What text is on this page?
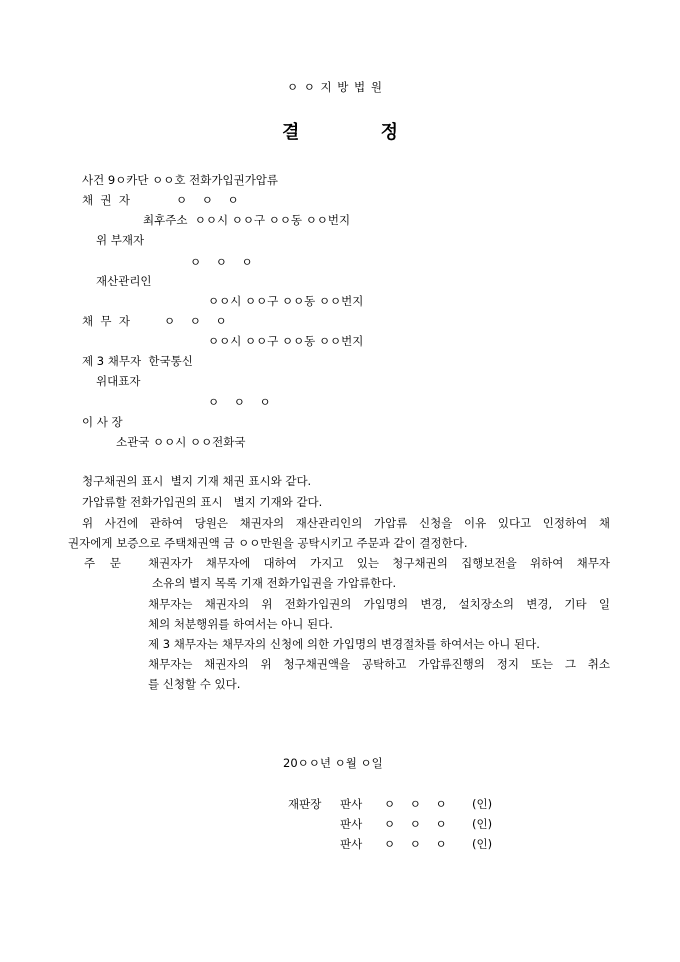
ㅇ ㅇ 지 방 법 원
결	정
사건 9ㅇ카단 ㅇㅇ호 전화가입권가압류
채  권  자	ㅇ    ㅇ    ㅇ
최후주소  ㅇㅇ시 ㅇㅇ구 ㅇㅇ동 ㅇㅇ번지
위 부재자
ㅇ    ㅇ    ㅇ
재산관리인
ㅇㅇ시 ㅇㅇ구 ㅇㅇ동 ㅇㅇ번지
채  무  자	ㅇ    ㅇ    ㅇ
ㅇㅇ시 ㅇㅇ구 ㅇㅇ동 ㅇㅇ번지
제 3 채무자  한국통신
위대표자
ㅇ    ㅇ    ㅇ
이 사 장
소관국 ㅇㅇ시 ㅇㅇ전화국
청구채권의 표시  별지 기재 채권 표시와 같다.
가압류할 전화가입권의 표시   별지 기재와 같다.
위 사건에 관하여 당원은 채권자의 재산관리인의 가압류 신청을 이유 있다고 인정하여 채
권자에게 보증으로 주택채권액 금 ㅇㅇ만원을 공탁시키고 주문과 같이 결정한다.
주    문 채권자가 채무자에 대하여 가지고 있는 청구채권의 집행보전을 위하여 채무자
소유의 별지 목록 기재 전화가입권을 가압류한다.
채무자는 채권자의 위 전화가입권의 가입명의 변경, 설치장소의 변경, 기타 일
체의 처분행위를 하여서는 아니 된다.
제 3 채무자는 채무자의 신청에 의한 가입명의 변경절차를 하여서는 아니 된다.
채무자는 채권자의 위 청구채권액을 공탁하고 가압류진행의 정지 또는 그 취소
를 신청할 수 있다.
20ㅇㅇ년 ㅇ월 ㅇ일
재판장 판사 ㅇ    ㅇ    ㅇ (인)
판사 ㅇ    ㅇ    ㅇ (인)
판사 ㅇ    ㅇ    ㅇ (인)
